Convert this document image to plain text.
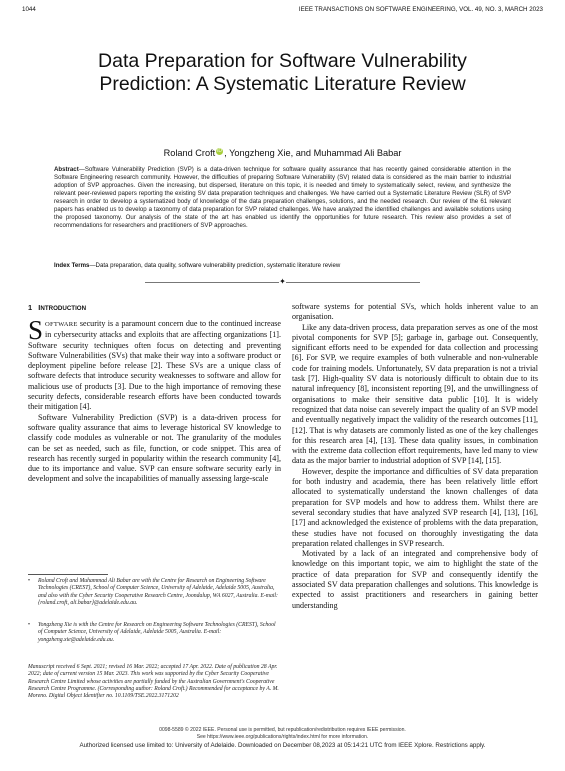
1044	IEEE TRANSACTIONS ON SOFTWARE ENGINEERING, VOL. 49, NO. 3, MARCH 2023
Data Preparation for Software Vulnerability
Prediction: A Systematic Literature Review
Roland Croft iD , Yongzheng Xie, and Muhammad Ali Babar
Abstract—Software Vulnerability Prediction (SVP) is a data-driven technique for software quality assurance that has recently gained considerable attention in the Software Engineering research community. However, the difficulties of preparing Software Vulnerability (SV) related data is considered as the main barrier to industrial adoption of SVP approaches. Given the increasing, but dispersed, literature on this topic, it is needed and timely to systematically select, review, and synthesize the relevant peer-reviewed papers reporting the existing SV data preparation techniques and challenges. We have carried out a Systematic Literature Review (SLR) of SVP research in order to develop a systematized body of knowledge of the data preparation challenges, solutions, and the needed research. Our review of the 61 relevant papers has enabled us to develop a taxonomy of data preparation for SVP related challenges. We have analyzed the identified challenges and available solutions using the proposed taxonomy. Our analysis of the state of the art has enabled us identify the opportunities for future research. This review also provides a set of recommendations for researchers and practitioners of SVP approaches.
Index Terms—Data preparation, data quality, software vulnerability prediction, systematic literature review
✦
1 INTRODUCTION

SOFTWARE security is a paramount concern due to the continued increase in cybersecurity attacks and exploits that are affecting organizations [1]. Software security techniques often focus on detecting and preventing Software Vulnerabilities (SVs) that make their way into a software product or deployment pipeline before release [2]. These SVs are a unique class of software defects that introduce security weaknesses to software and allow for malicious use of products [3]. Due to the high importance of removing these security defects, considerable research efforts have been conducted towards their mitigation [4].

Software Vulnerability Prediction (SVP) is a data-driven process for software quality assurance that aims to leverage historical SV knowledge to classify code modules as vulnerable or not. The granularity of the modules can be set as needed, such as file, function, or code snippet. This area of research has recently surged in popularity within the research community [4], due to its importance and value. SVP can ensure software security early in development and solve the incapabilities of manually assessing large-scale

•	Roland Croft and Muhammad Ali Babar are with the Centre for Research on Engineering Software Technologies (CREST), School of Computer Science, University of Adelaide, Adelaide 5005, Australia, and also with the Cyber Security Cooperative Research Centre, Joondalup, WA 6027, Australia. E-mail: {roland.croft, ali.babar}@adelaide.edu.au.
•	Yongzheng Xie is with the Centre for Research on Engineering Software Technologies (CREST), School of Computer Science, University of Adelaide, Adelaide 5005, Australia. E-mail: yongzheng.xie@adelaide.edu.au.
Manuscript received 6 Sept. 2021; revised 16 Mar. 2022; accepted 17 Apr. 2022. Date of publication 28 Apr. 2022; date of current version 15 Mar. 2023. This work was supported by the Cyber Security Cooperative Research Centre Limited whose activities are partially funded by the Australian Government's Cooperative Research Centre Programme. (Corresponding author: Roland Croft.) Recommended for acceptance by A. M. Moreno. Digital Object Identifier no. 10.1109/TSE.2022.3171202

software systems for potential SVs, which holds inherent value to an organisation.

Like any data-driven process, data preparation serves as one of the most pivotal components for SVP [5]; garbage in, garbage out. Consequently, significant efforts need to be expended for data collection and processing [6]. For SVP, we require examples of both vulnerable and non-vulnerable code for training models. Unfortunately, SV data preparation is not a trivial task [7]. High-quality SV data is notoriously difficult to obtain due to its natural infrequency [8], inconsistent reporting [9], and the unwillingness of organisations to make their sensitive data public [10]. It is widely recognized that data noise can severely impact the quality of an SVP model and eventually negatively impact the validity of the research outcomes [11], [12]. That is why datasets are commonly listed as one of the key challenges for this research area [4], [13]. These data quality issues, in combination with the extreme data collection effort requirements, have led many to view data as the major barrier to industrial adoption of SVP [14], [15].

However, despite the importance and difficulties of SV data preparation for both industry and academia, there has been relatively little effort allocated to systematically understand the known challenges of data preparation for SVP models and how to address them. Whilst there are several secondary studies that have analyzed SVP research [4], [13], [16], [17] and acknowledged the existence of problems with the data preparation, these studies have not focused on thoroughly investigating the data preparation related challenges in SVP research.

Motivated by a lack of an integrated and comprehensive body of knowledge on this important topic, we aim to highlight the state of the practice of data preparation for SVP and consequently identify the associated SV data preparation challenges and solutions. This knowledge is expected to assist practitioners and researchers in gaining better understanding

0098-5589 © 2022 IEEE. Personal use is permitted, but republication/redistribution requires IEEE permission.
See https://www.ieee.org/publications/rights/index.html for more information.
Authorized licensed use limited to: University of Adelaide. Downloaded on December 08,2023 at 05:14:21 UTC from IEEE Xplore. Restrictions apply.
